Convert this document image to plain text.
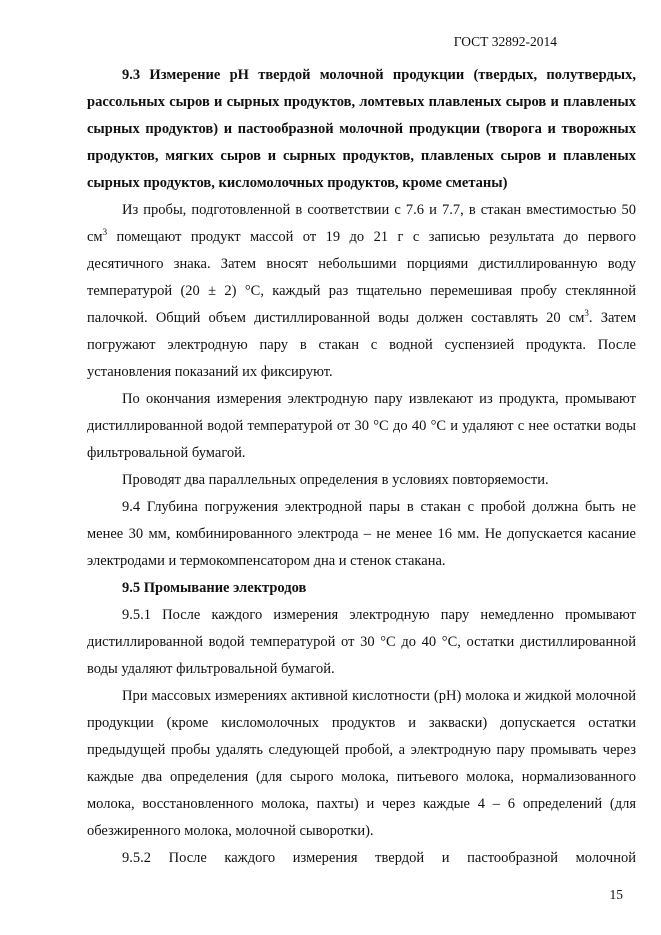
ГОСТ 32892-2014

9.3 Измерение pH твердой молочной продукции (твердых, полутвердых, рассольных сыров и сырных продуктов, ломтевых плавленых сыров и плавленых сырных продуктов) и пастообразной молочной продукции (творога и творожных продуктов, мягких сыров и сырных продуктов, плавленых сыров и плавленых сырных продуктов, кисломолочных продуктов, кроме сметаны)

Из пробы, подготовленной в соответствии с 7.6 и 7.7, в стакан вместимостью 50 $см^3$ помещают продукт массой от 19 до 21 г с записью результата до первого десятичного знака. Затем вносят небольшими порциями дистиллированную воду температурой (20 ± 2) °С, каждый раз тщательно перемешивая пробу стеклянной палочкой. Общий объем дистиллированной воды должен составлять 20 $см^3$. Затем погружают электродную пару в стакан с водной суспензией продукта. После установления показаний их фиксируют.

По окончания измерения электродную пару извлекают из продукта, промывают дистиллированной водой температурой от 30 °С до 40 °С и удаляют с нее остатки воды фильтровальной бумагой.

Проводят два параллельных определения в условиях повторяемости.

9.4 Глубина погружения электродной пары в стакан с пробой должна быть не менее 30 мм, комбинированного электрода – не менее 16 мм. Не допускается касание электродами и термокомпенсатором дна и стенок стакана.

9.5 Промывание электродов

9.5.1 После каждого измерения электродную пару немедленно промывают дистиллированной водой температурой от 30 °С до 40 °С, остатки дистиллированной воды удаляют фильтровальной бумагой.

При массовых измерениях активной кислотности (pH) молока и жидкой молочной продукции (кроме кисломолочных продуктов и закваски) допускается остатки предыдущей пробы удалять следующей пробой, а электродную пару промывать через каждые два определения (для сырого молока, питьевого молока, нормализованного молока, восстановленного молока, пахты) и через каждые 4 – 6 определений (для обезжиренного молока, молочной сыворотки).

9.5.2 После каждого измерения твердой и пастообразной молочной

15
